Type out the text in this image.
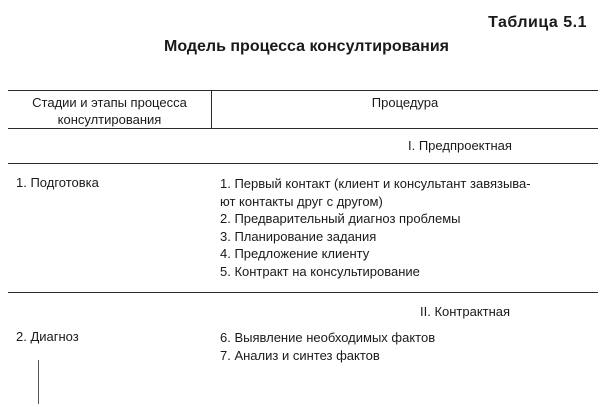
Таблица 5.1
Модель процесса консултирования
Стадии и этапы процесса консултирования
Процедура
I. Предпроектная
1. Подготовка	1. Первый контакт (клиент и консультант завязыва-
ют контакты друг с другом)
2. Предварительный диагноз проблемы
3. Планирование задания
4. Предложение клиенту
5. Контракт на консультирование
II. Контрактная
2. Диагноз	6. Выявление необходимых фактов
7. Анализ и синтез фактов
